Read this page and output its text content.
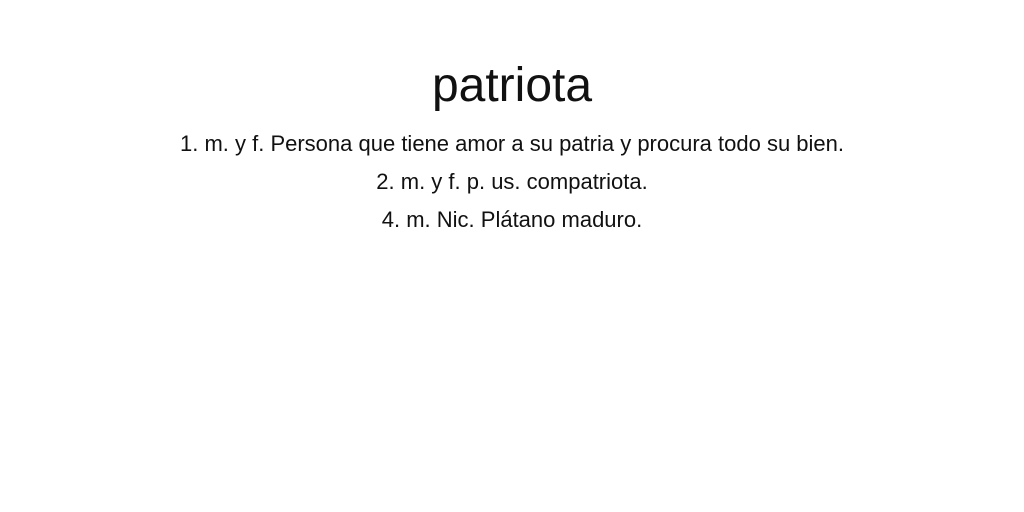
patriota
1. m. y f. Persona que tiene amor a su patria y procura todo su bien.
2. m. y f. p. us. compatriota.
4. m. Nic. Plátano maduro.
